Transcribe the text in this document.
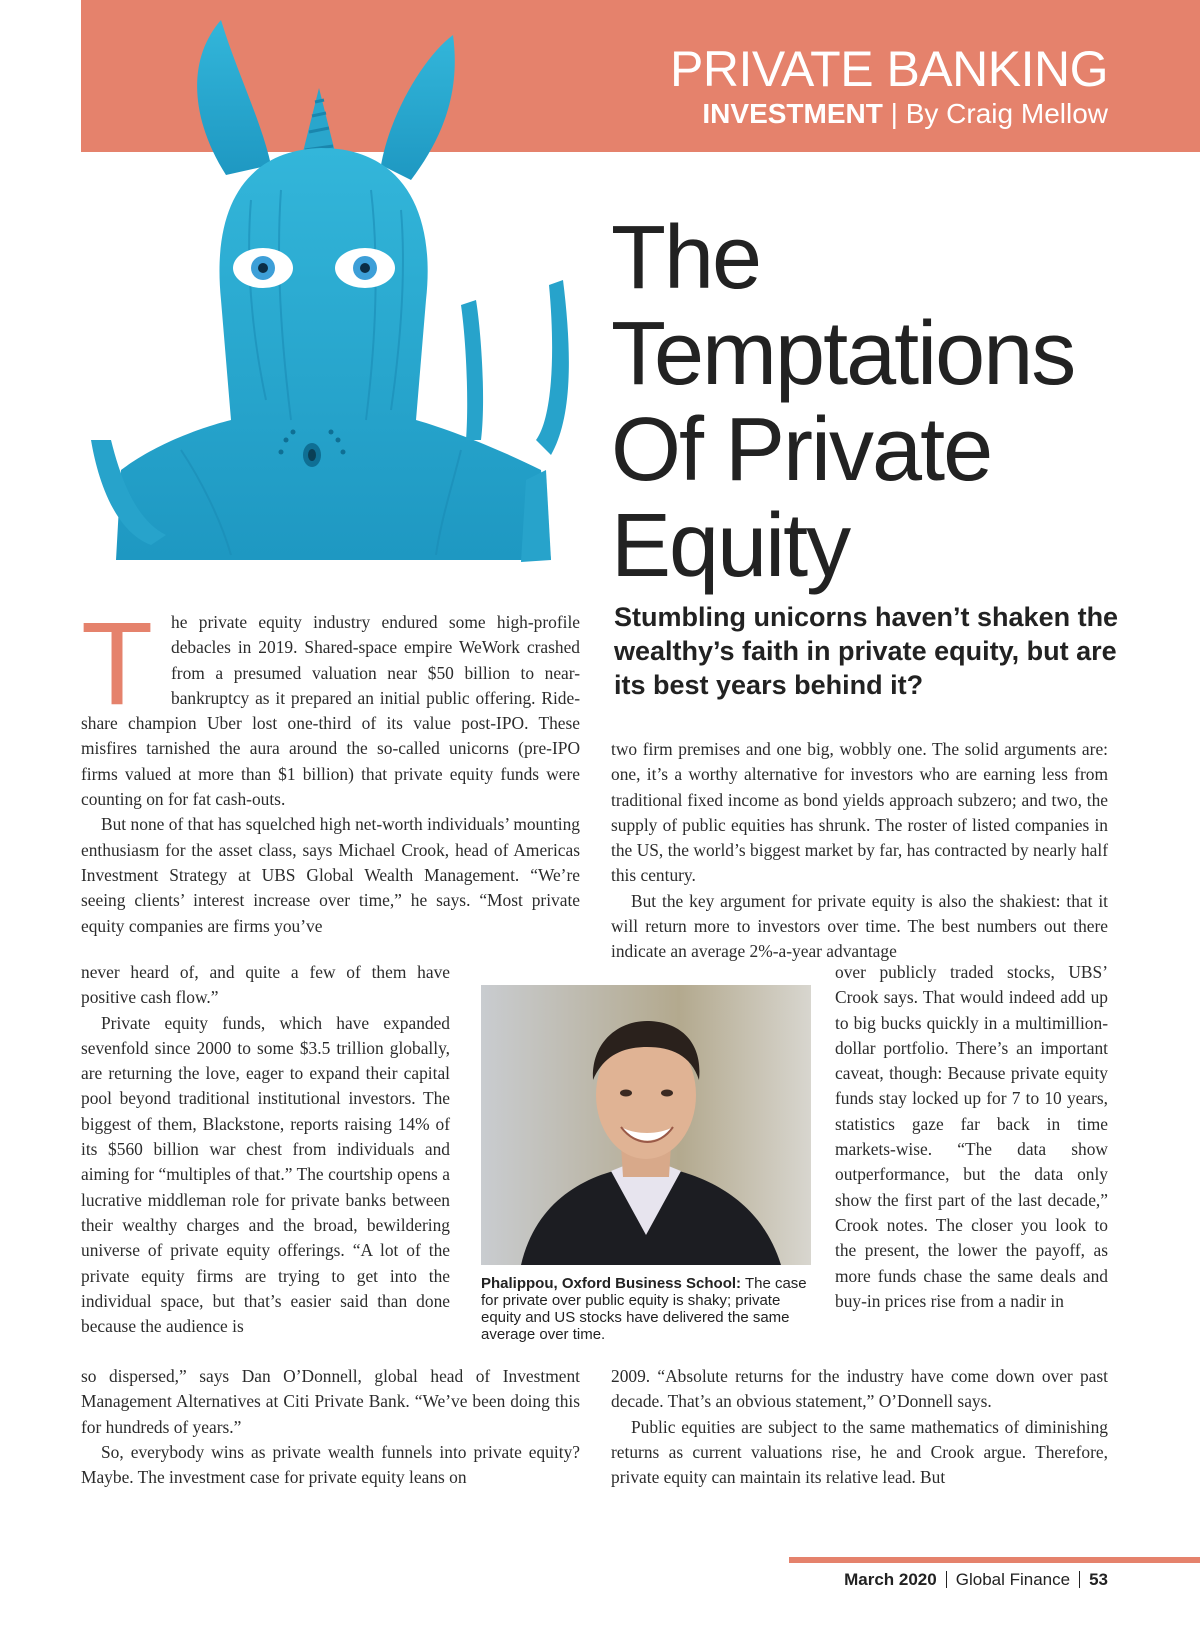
PRIVATE BANKING
INVESTMENT | By Craig Mellow
The Temptations Of Private Equity
Stumbling unicorns haven’t shaken the wealthy’s faith in private equity, but are its best years behind it?
T	he private equity industry endured some high-profile debacles in 2019. Shared-space empire WeWork crashed from a presumed valuation near $50 billion to near-bankruptcy as it prepared an initial public offering. Ride-share champion Uber lost one-third of its value post-IPO. These misfires tarnished the aura around the so-called unicorns (pre-IPO firms valued at more than $1 billion) that private equity funds were counting on for fat cash-outs.

But none of that has squelched high net-worth individuals’ mounting enthusiasm for the asset class, says Michael Crook, head of Americas Investment Strategy at UBS Global Wealth Management. “We’re seeing clients’ interest increase over time,” he says. “Most private equity companies are firms you’ve

never heard of, and quite a few of them have positive cash flow.”

Private equity funds, which have expanded sevenfold since 2000 to some $3.5 trillion globally, are returning the love, eager to expand their capital pool beyond traditional institutional investors. The biggest of them, Blackstone, reports raising 14% of its $560 billion war chest from individuals and aiming for “multiples of that.” The courtship opens a lucrative middleman role for private banks between their wealthy charges and the broad, bewildering universe of private equity offerings. “A lot of the private equity firms are trying to get into the individual space, but that’s easier said than done because the audience is

so dispersed,” says Dan O’Donnell, global head of Investment Management Alternatives at Citi Private Bank. “We’ve been doing this for hundreds of years.”

So, everybody wins as private wealth funnels into private equity? Maybe. The investment case for private equity leans on

two firm premises and one big, wobbly one. The solid arguments are: one, it’s a worthy alternative for investors who are earning less from traditional fixed income as bond yields approach subzero; and two, the supply of public equities has shrunk. The roster of listed companies in the US, the world’s biggest market by far, has contracted by nearly half this century.

But the key argument for private equity is also the shakiest: that it will return more to investors over time. The best numbers out there indicate an average 2%-a-year advantage

over publicly traded stocks, UBS’ Crook says. That would indeed add up to big bucks quickly in a multimillion-dollar portfolio. There’s an important caveat, though: Because private equity funds stay locked up for 7 to 10 years, statistics gaze far back in time markets-wise. “The data show outperformance, but the data only show the first part of the last decade,” Crook notes. The closer you look to the present, the lower the payoff, as more funds chase the same deals and buy-in prices rise from a nadir in

2009. “Absolute returns for the industry have come down over past decade. That’s an obvious statement,” O’Donnell says.

Public equities are subject to the same mathematics of diminishing returns as current valuations rise, he and Crook argue. Therefore, private equity can maintain its relative lead. But

Phalippou, Oxford Business School: The case for private over public equity is shaky; private equity and US stocks have delivered the same average over time.
March 2020 Global Finance 53
